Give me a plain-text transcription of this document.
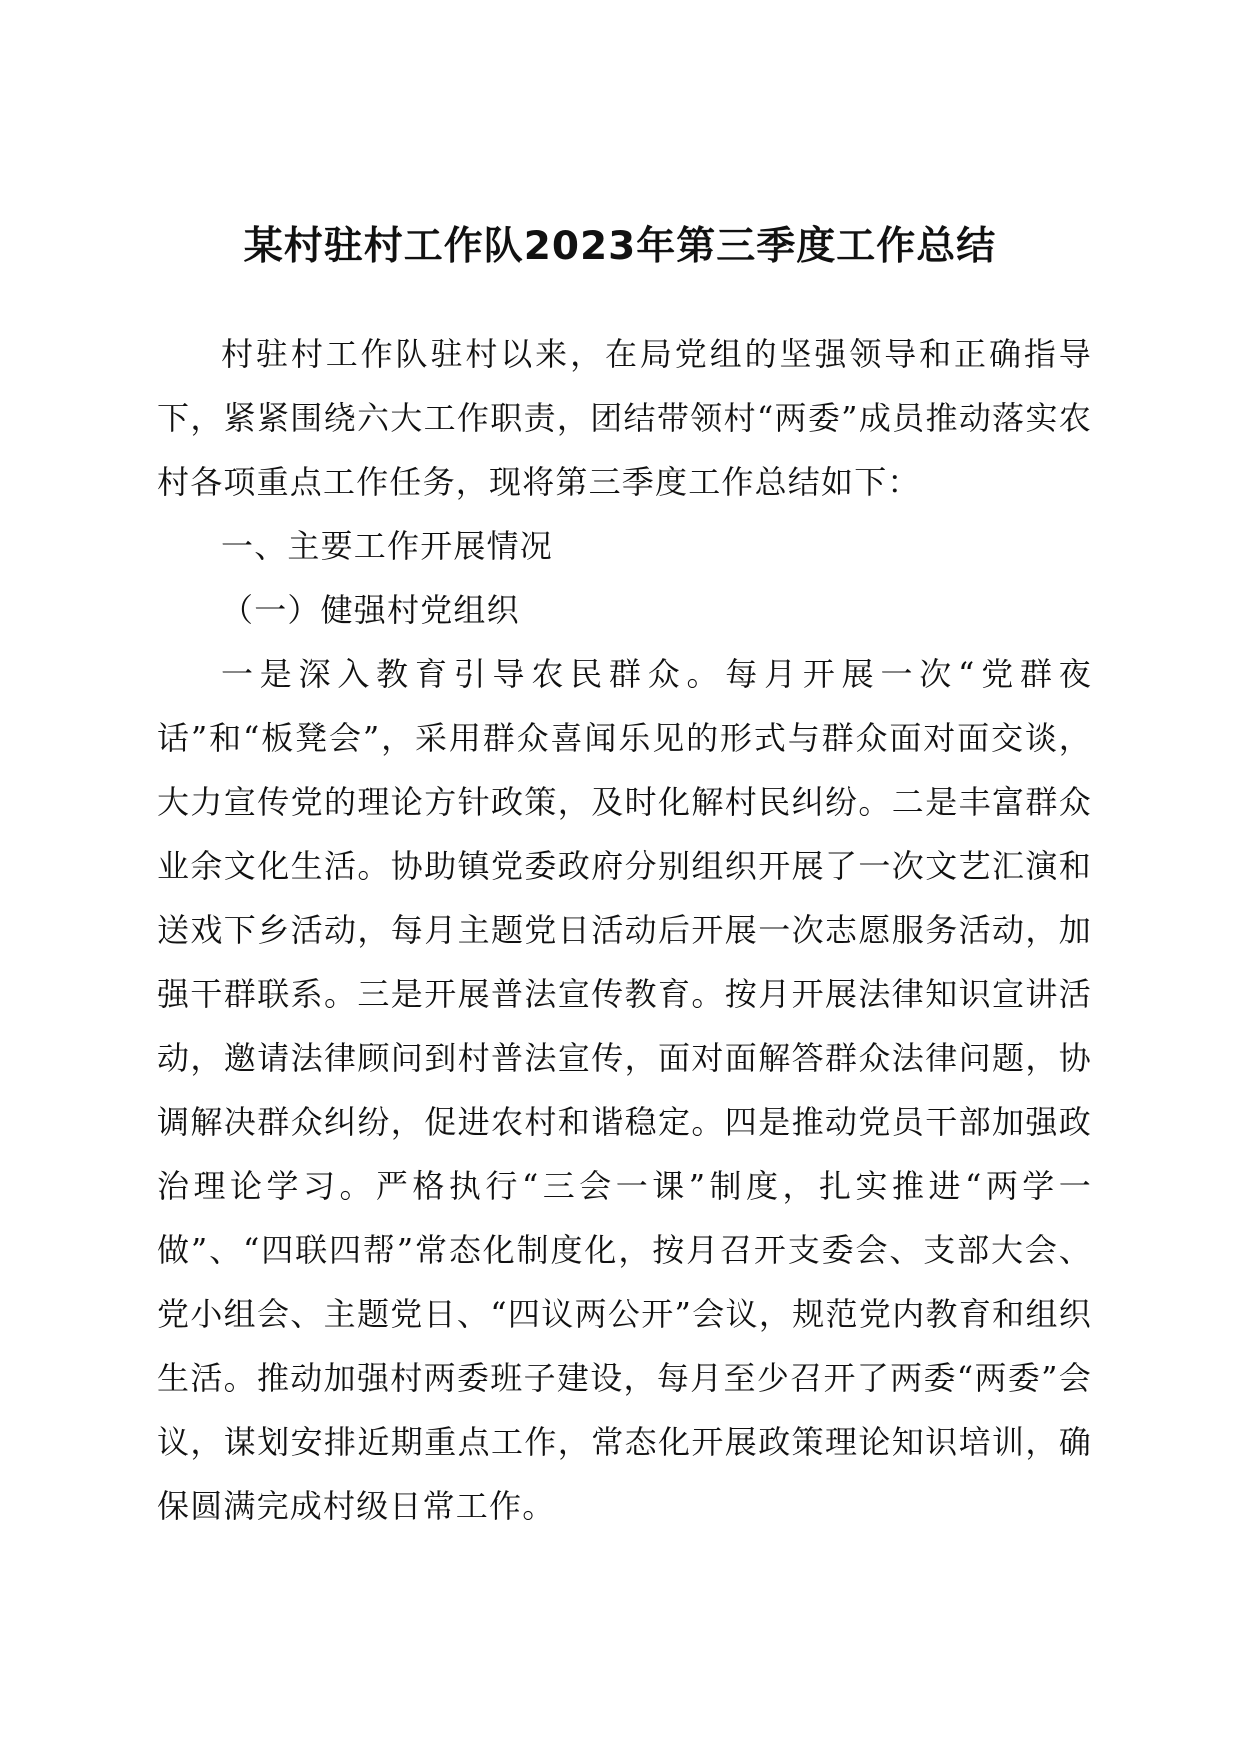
某村驻村工作队2023年第三季度工作总结

村驻村工作队驻村以来，在局党组的坚强领导和正确指导下，紧紧围绕六大工作职责，团结带领村“两委”成员推动落实农村各项重点工作任务，现将第三季度工作总结如下：

一、主要工作开展情况

（一）健强村党组织

一是深入教育引导农民群众。每月开展一次“党群夜话”和“板凳会”，采用群众喜闻乐见的形式与群众面对面交谈，大力宣传党的理论方针政策，及时化解村民纠纷。二是丰富群众业余文化生活。协助镇党委政府分别组织开展了一次文艺汇演和送戏下乡活动，每月主题党日活动后开展一次志愿服务活动，加强干群联系。三是开展普法宣传教育。按月开展法律知识宣讲活动，邀请法律顾问到村普法宣传，面对面解答群众法律问题，协调解决群众纠纷，促进农村和谐稳定。四是推动党员干部加强政治理论学习。严格执行“三会一课”制度，扎实推进“两学一做”、“四联四帮”常态化制度化，按月召开支委会、支部大会、党小组会、主题党日、“四议两公开”会议，规范党内教育和组织生活。推动加强村两委班子建设，每月至少召开了两委“两委”会议，谋划安排近期重点工作，常态化开展政策理论知识培训，确保圆满完成村级日常工作。
